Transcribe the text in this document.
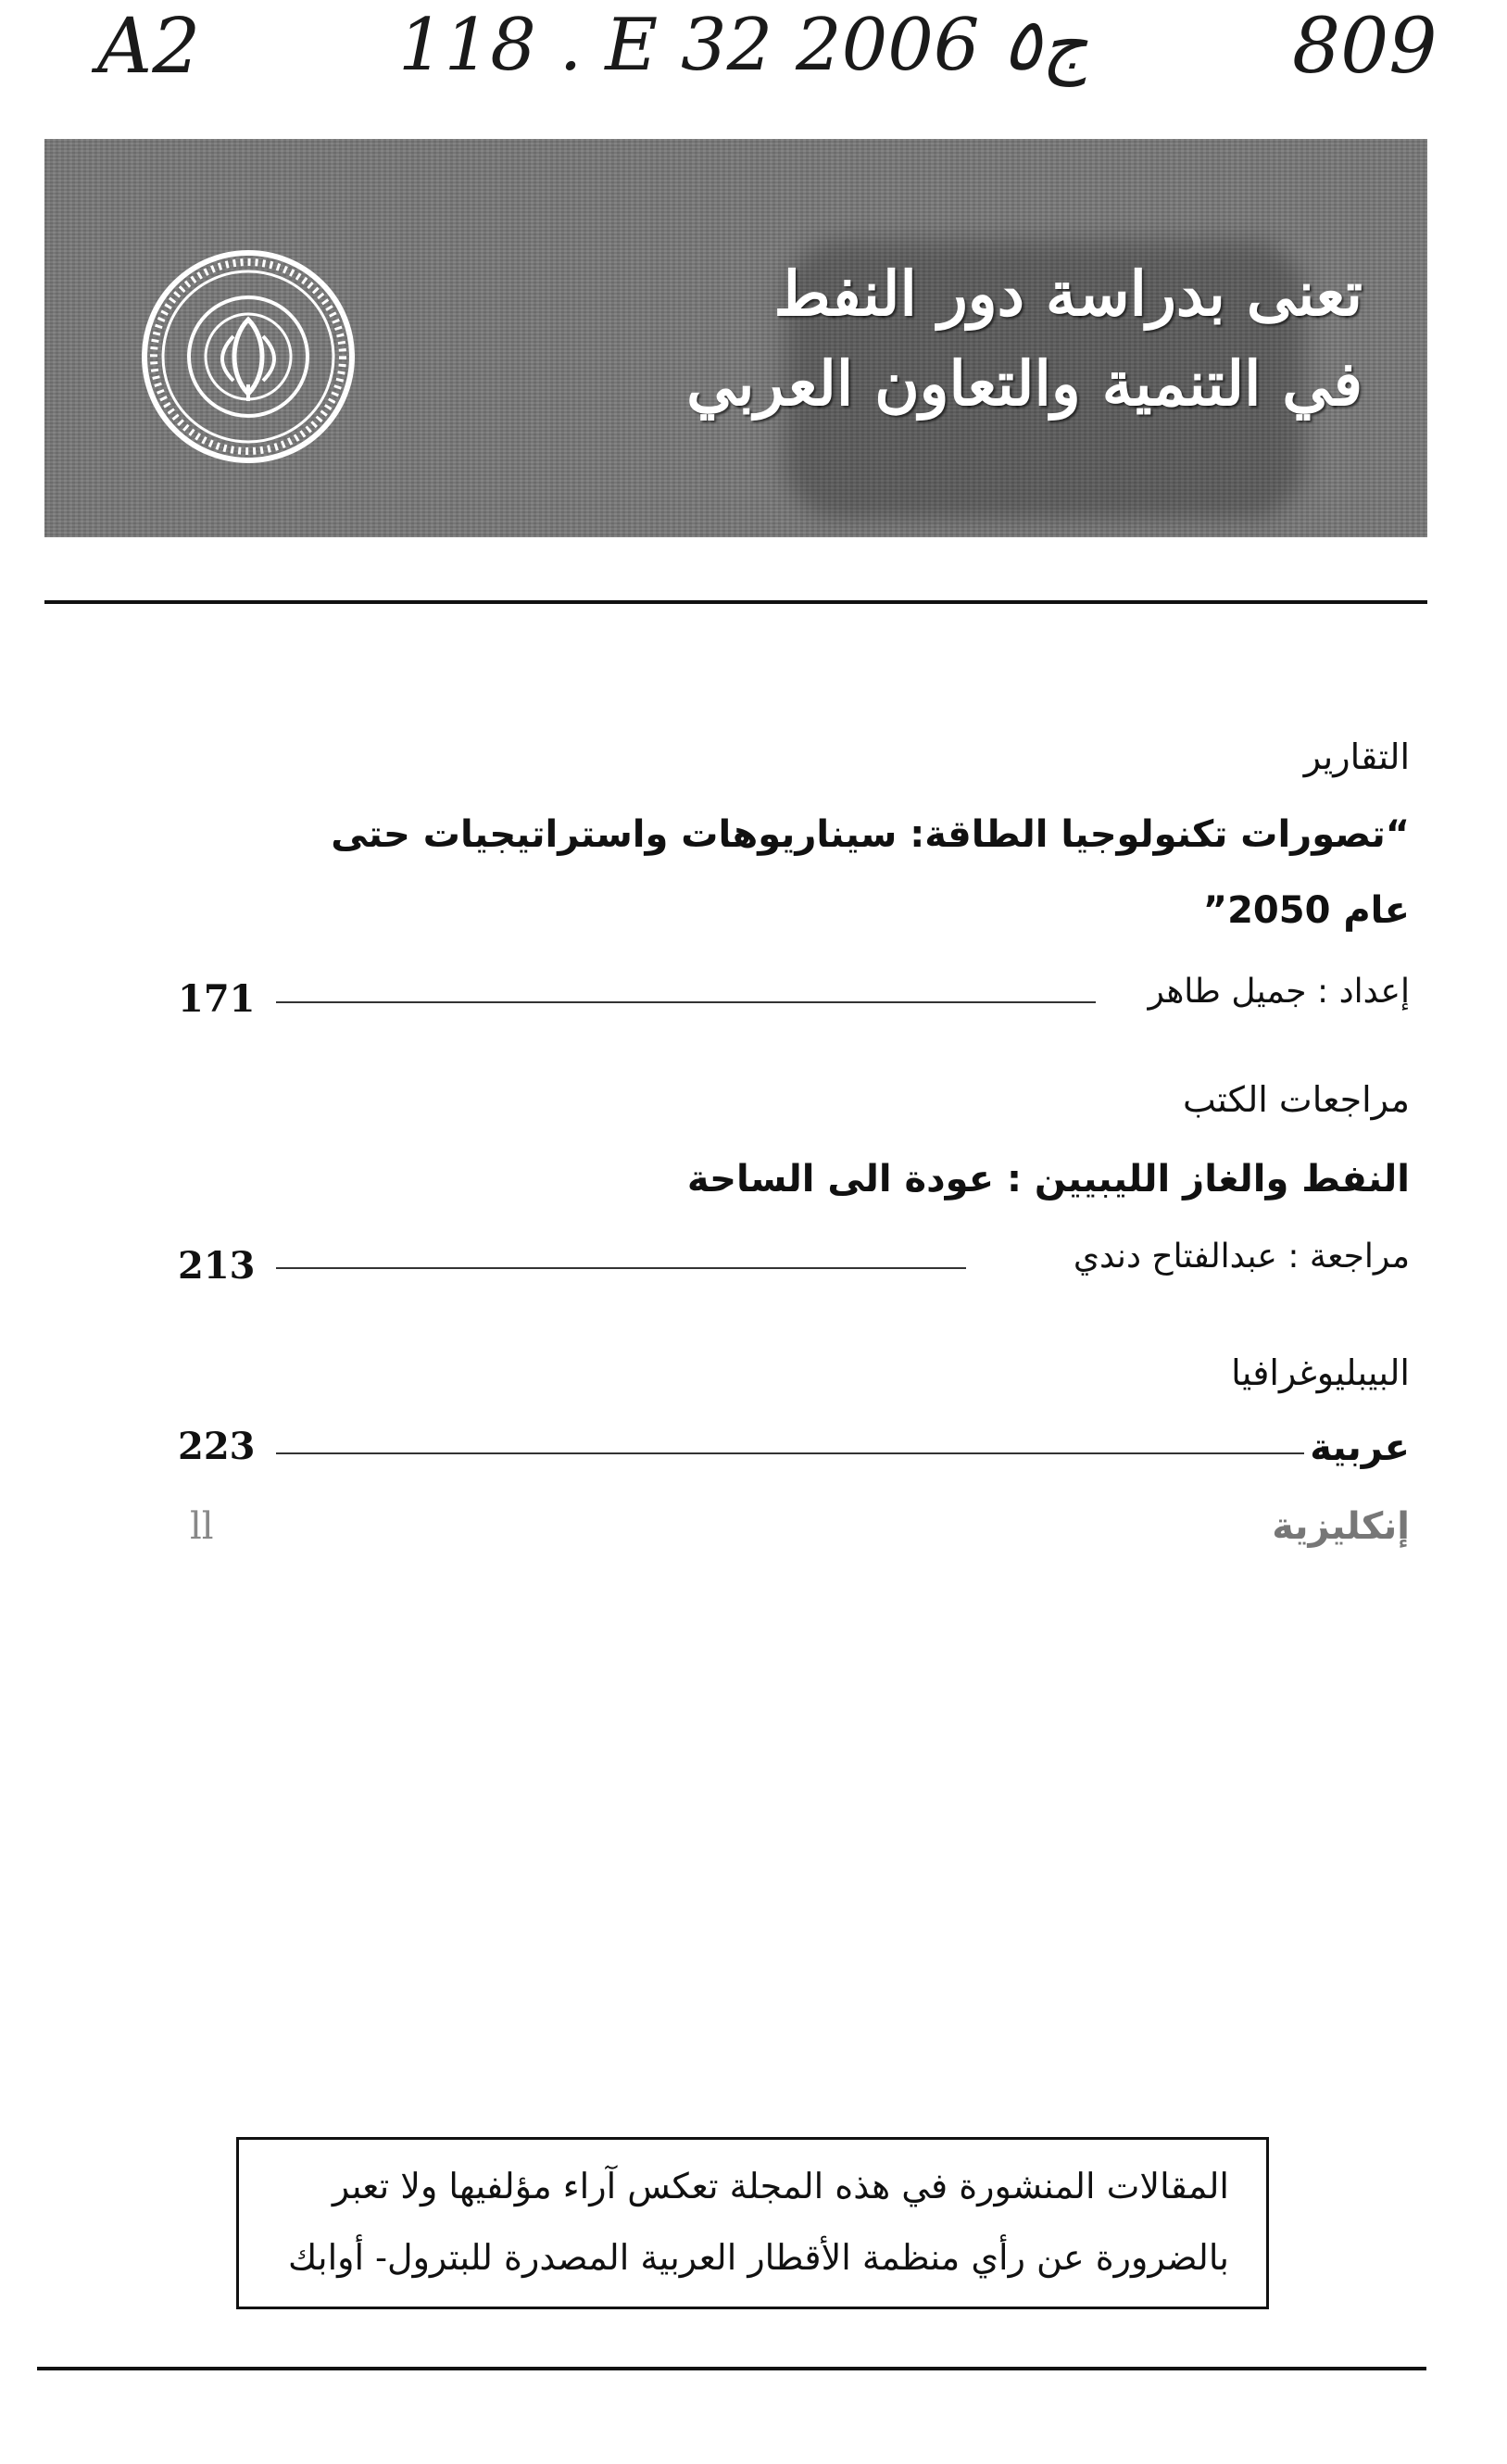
A2	118 . E 32 ج٥ 2006	809
تعنى بدراسة دور النفط
في التنمية والتعاون العربي
التقارير
“تصورات تكنولوجيا الطاقة: سيناريوهات واستراتيجيات حتى
عام 2050”
إعداد : جميل طاهر
171
مراجعات الكتب
النفط والغاز الليبيين : عودة الى الساحة
مراجعة : عبدالفتاح دندي
213
البيبليوغرافيا
عربية
223
إنكليزية
ll
المقالات المنشورة في هذه المجلة تعكس آراء مؤلفيها ولا تعبر
بالضرورة عن رأي منظمة الأقطار العربية المصدرة للبترول- أوابك
